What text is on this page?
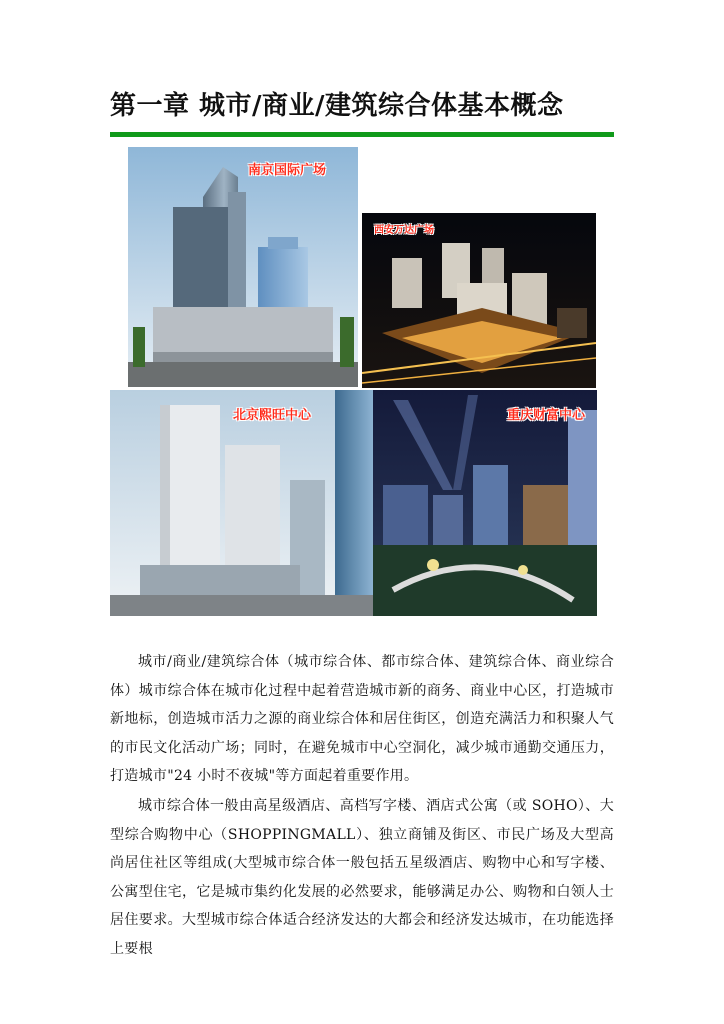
第一章 城市/商业/建筑综合体基本概念
南京国际广场
西安万达广场
北京熙旺中心	重庆财富中心
城市/商业/建筑综合体（城市综合体、都市综合体、建筑综合体、商业综合体）城市综合体在城市化过程中起着营造城市新的商务、商业中心区，打造城市新地标，创造城市活力之源的商业综合体和居住街区，创造充满活力和积聚人气的市民文化活动广场；同时，在避免城市中心空洞化，减少城市通勤交通压力，打造城市"24 小时不夜城"等方面起着重要作用。
城市综合体一般由高星级酒店、高档写字楼、酒店式公寓（或 SOHO）、大型综合购物中心（SHOPPINGMALL）、独立商铺及街区、市民广场及大型高尚居住社区等组成(大型城市综合体一般包括五星级酒店、购物中心和写字楼、公寓型住宅，它是城市集约化发展的必然要求，能够满足办公、购物和白领人士居住要求。大型城市综合体适合经济发达的大都会和经济发达城市，在功能选择上要根
